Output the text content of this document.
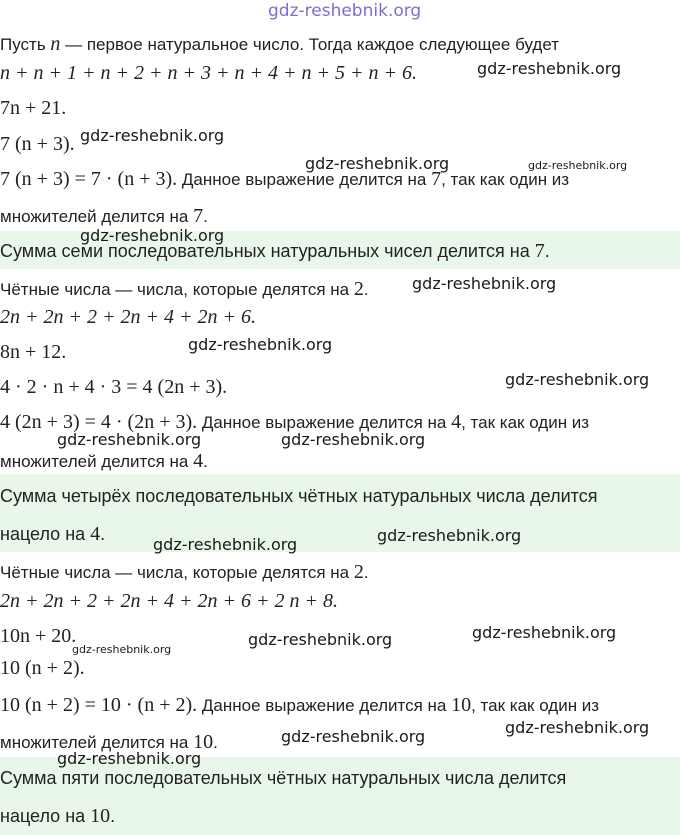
gdz-reshebnik.org
Пусть n — первое натуральное число. Тогда каждое следующее будет
n + n + 1 + n + 2 + n + 3 + n + 4 + n + 5 + n + 6.
7n + 21.
7 (n + 3).
7 (n + 3) = 7 · (n + 3). Данное выражение делится на 7, так как один из
множителей делится на 7.
Сумма семи последовательных натуральных чисел делится на 7.
Чётные числа — числа, которые делятся на 2.
2n + 2n + 2 + 2n + 4 + 2n + 6.
8n + 12.
4 · 2 · n + 4 · 3 = 4 (2n + 3).
4 (2n + 3) = 4 · (2n + 3). Данное выражение делится на 4, так как один из
множителей делится на 4.
Сумма четырёх последовательных чётных натуральных числа делится
нацело на 4.
Чётные числа — числа, которые делятся на 2.
2n + 2n + 2 + 2n + 4 + 2n + 6 + 2 n + 8.
10n + 20.
10 (n + 2).
10 (n + 2) = 10 · (n + 2). Данное выражение делится на 10, так как один из
множителей делится на 10.
Сумма пяти последовательных чётных натуральных числа делится
нацело на 10.
gdz-reshebnik.org
gdz-reshebnik.org
gdz-reshebnik.org	gdz-reshebnik.org
gdz-reshebnik.org
gdz-reshebnik.org
gdz-reshebnik.org
gdz-reshebnik.org
gdz-reshebnik.org	gdz-reshebnik.org
gdz-reshebnik.org
gdz-reshebnik.org
gdz-reshebnik.org
gdz-reshebnik.org
gdz-reshebnik.org
gdz-reshebnik.org
gdz-reshebnik.org
gdz-reshebnik.org
